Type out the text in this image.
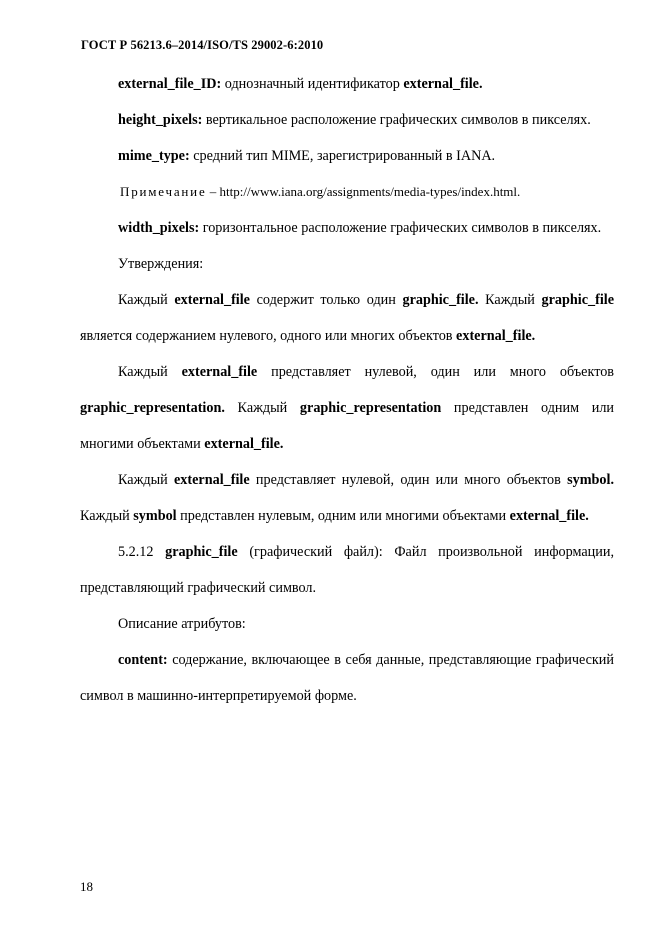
ГОСТ Р 56213.6–2014/ISO/TS 29002-6:2010

external_file_ID: однозначный идентификатор external_file.

height_pixels: вертикальное расположение графических символов в пикселях.

mime_type: средний тип MIME, зарегистрированный в IANA.

Примечание – http://www.iana.org/assignments/media-types/index.html.

width_pixels: горизонтальное расположение графических символов в пикселях.

Утверждения:

Каждый external_file содержит только один graphic_file. Каждый graphic_file является содержанием нулевого, одного или многих объектов external_file.

Каждый external_file представляет нулевой, один или много объектов graphic_representation. Каждый graphic_representation представлен одним или многими объектами external_file.

Каждый external_file представляет нулевой, один или много объектов symbol. Каждый symbol представлен нулевым, одним или многими объектами external_file.

5.2.12 graphic_file (графический файл): Файл произвольной информации, представляющий графический символ.

Описание атрибутов:

content: содержание, включающее в себя данные, представляющие графический символ в машинно-интерпретируемой форме.

18
